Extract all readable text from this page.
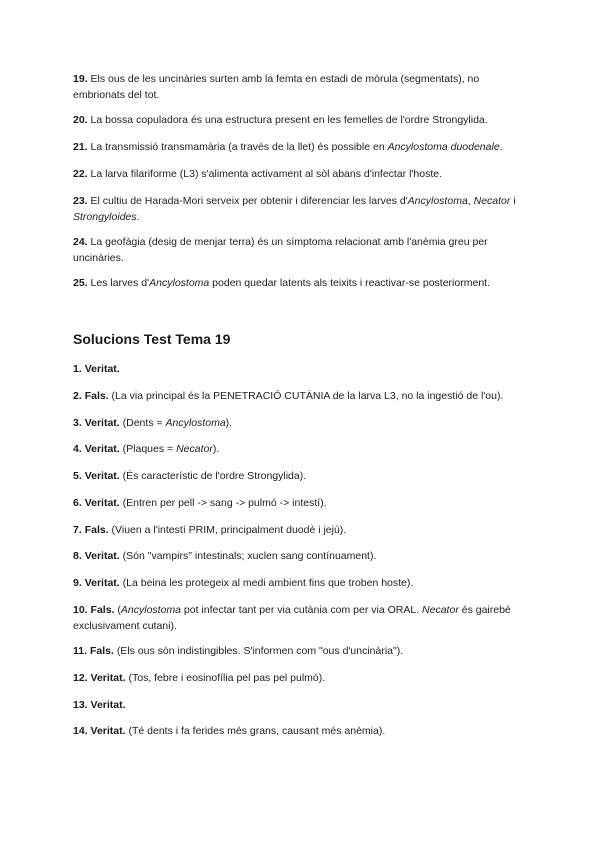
19. Els ous de les uncinàries surten amb la femta en estadi de mòrula (segmentats), no embrionats del tot.

20. La bossa copuladora és una estructura present en les femelles de l'ordre Strongylida.

21. La transmissió transmamària (a través de la llet) és possible en Ancylostoma duodenale.

22. La larva filariforme (L3) s'alimenta activament al sòl abans d'infectar l'hoste.

23. El cultiu de Harada-Mori serveix per obtenir i diferenciar les larves d'Ancylostoma, Necator i Strongyloides.

24. La geofàgia (desig de menjar terra) és un símptoma relacionat amb l'anèmia greu per uncinàries.

25. Les larves d'Ancylostoma poden quedar latents als teixits i reactivar-se posteriorment.

Solucions Test Tema 19

1. Veritat.

2. Fals. (La via principal és la PENETRACIÓ CUTÀNIA de la larva L3, no la ingestió de l'ou).

3. Veritat. (Dents = Ancylostoma).

4. Veritat. (Plaques = Necator).

5. Veritat. (És característic de l'ordre Strongylida).

6. Veritat. (Entren per pell -> sang -> pulmó -> intestí).

7. Fals. (Viuen a l'intestí PRIM, principalment duodè i jejú).

8. Veritat. (Són "vampirs" intestinals; xuclen sang contínuament).

9. Veritat. (La beina les protegeix al medi ambient fins que troben hoste).

10. Fals. (Ancylostoma pot infectar tant per via cutània com per via ORAL. Necator és gairebé exclusivament cutani).

11. Fals. (Els ous són indistingibles. S'informen com "ous d'uncinària").

12. Veritat. (Tos, febre i eosinofília pel pas pel pulmó).

13. Veritat.

14. Veritat. (Té dents i fa ferides més grans, causant més anèmia).
